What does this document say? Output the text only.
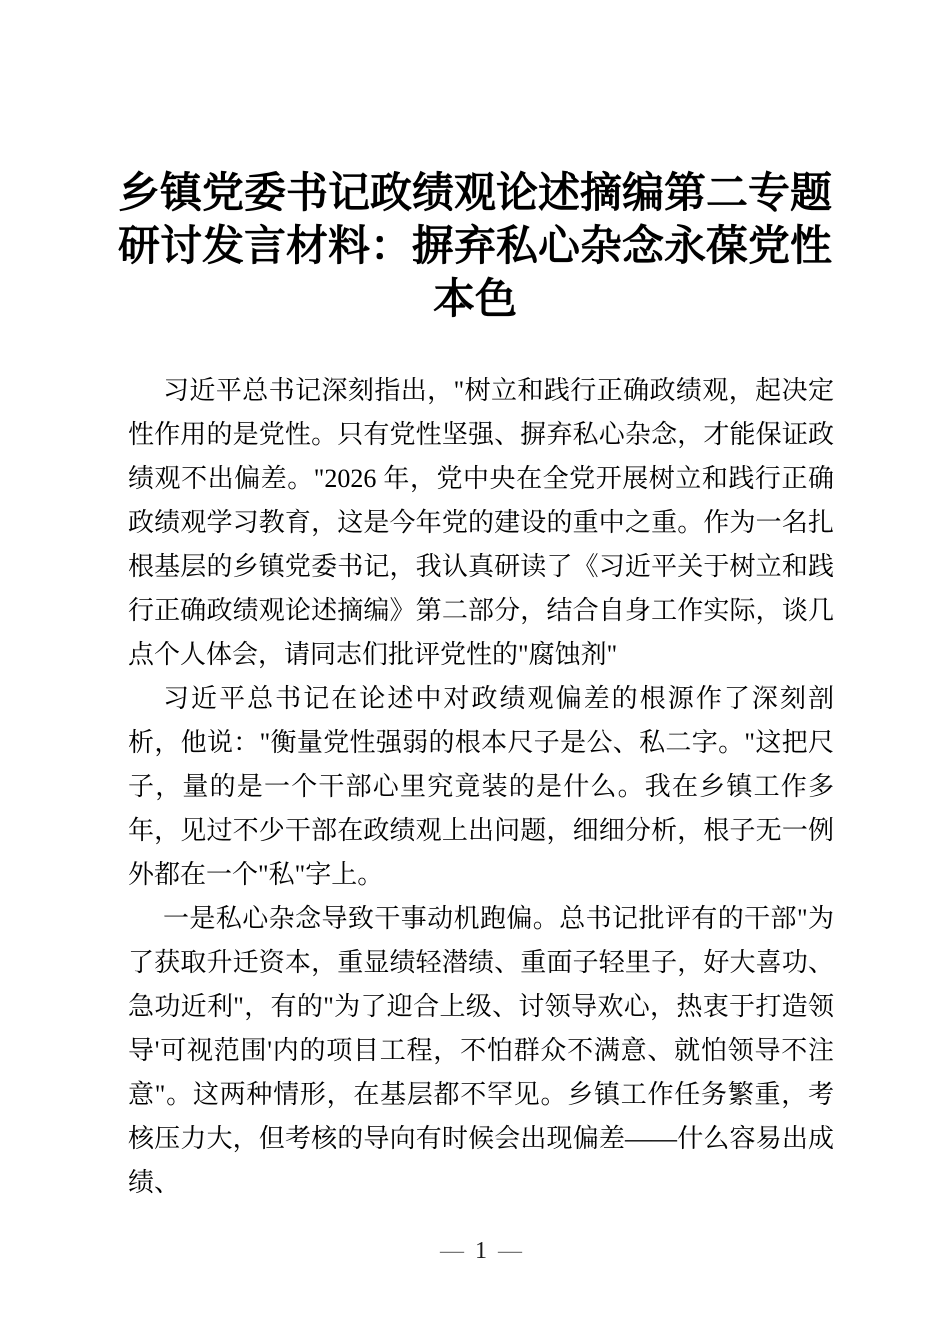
乡镇党委书记政绩观论述摘编第二专题研讨发言材料：摒弃私心杂念永葆党性本色

习近平总书记深刻指出，"树立和践行正确政绩观，起决定性作用的是党性。只有党性坚强、摒弃私心杂念，才能保证政绩观不出偏差。"2026 年，党中央在全党开展树立和践行正确政绩观学习教育，这是今年党的建设的重中之重。作为一名扎根基层的乡镇党委书记，我认真研读了《习近平关于树立和践行正确政绩观论述摘编》第二部分，结合自身工作实际，谈几点个人体会，请同志们批评党性的"腐蚀剂"

习近平总书记在论述中对政绩观偏差的根源作了深刻剖析，他说："衡量党性强弱的根本尺子是公、私二字。"这把尺子，量的是一个干部心里究竟装的是什么。我在乡镇工作多年，见过不少干部在政绩观上出问题，细细分析，根子无一例外都在一个"私"字上。

一是私心杂念导致干事动机跑偏。总书记批评有的干部"为了获取升迁资本，重显绩轻潜绩、重面子轻里子，好大喜功、急功近利"，有的"为了迎合上级、讨领导欢心，热衷于打造领导'可视范围'内的项目工程，不怕群众不满意、就怕领导不注意"。这两种情形，在基层都不罕见。乡镇工作任务繁重，考核压力大，但考核的导向有时候会出现偏差——什么容易出成绩、

— 1 —
